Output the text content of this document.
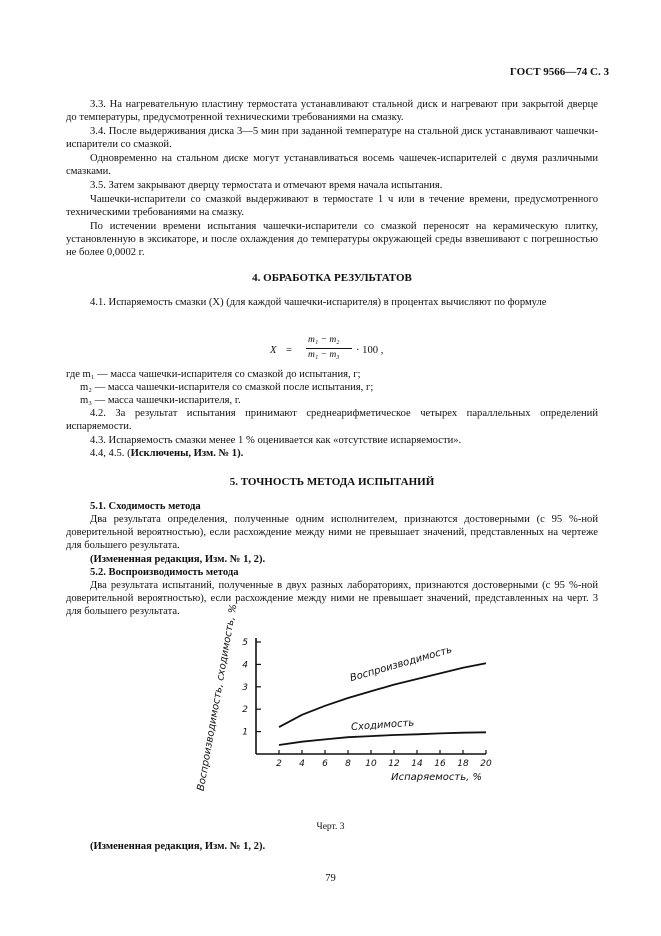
ГОСТ 9566—74 С. 3

3.3. На нагревательную пластину термостата устанавливают стальной диск и нагревают при закрытой дверце до температуры, предусмотренной техническими требованиями на смазку.

3.4. После выдерживания диска 3—5 мин при заданной температуре на стальной диск устанавливают чашечки-испарители со смазкой.

Одновременно на стальном диске могут устанавливаться восемь чашечек-испарителей с двумя различными смазками.

3.5. Затем закрывают дверцу термостата и отмечают время начала испытания.

Чашечки-испарители со смазкой выдерживают в термостате 1 ч или в течение времени, предусмотренного техническими требованиями на смазку.

По истечении времени испытания чашечки-испарители со смазкой переносят на керамическую плитку, установленную в эксикаторе, и после охлаждения до температуры окружающей среды взвешивают с погрешностью не более 0,0002 г.

4. ОБРАБОТКА РЕЗУЛЬТАТОВ

4.1. Испаряемость смазки (X) (для каждой чашечки-испарителя) в процентах вычисляют по формуле

X =
m₁ − m₂
m₁ − m₃ · 100 ,

где m₁ — масса чашечки-испарителя со смазкой до испытания, г;

m₂ — масса чашечки-испарителя со смазкой после испытания, г;

m₃ — масса чашечки-испарителя, г.

4.2. За результат испытания принимают среднеарифметическое четырех параллельных определений испаряемости.

4.3. Испаряемость смазки менее 1 % оценивается как «отсутствие испаряемости».

4.4, 4.5. (Исключены, Изм. № 1).

5. ТОЧНОСТЬ МЕТОДА ИСПЫТАНИЙ

5.1. Сходимость метода

Два результата определения, полученные одним исполнителем, признаются достоверными (с 95 %-ной доверительной вероятностью), если расхождение между ними не превышает значений, представленных на чертеже для большего результата.

(Измененная редакция, Изм. № 1, 2).

5.2. Воспроизводимость метода

Два результата испытаний, полученные в двух разных лабораториях, признаются достоверными (с 95 %-ной доверительной вероятностью), если расхождение между ними не превышает значений, представленных на черт. 3 для большего результата.

2 4 6 8 10 12 14 16 18 20
1
2
3
4
5
Воспроизводимость
Сходимость
Испаряемость, %
Воспроизводимость, сходимость, %
Черт. 3

(Измененная редакция, Изм. № 1, 2).

79
